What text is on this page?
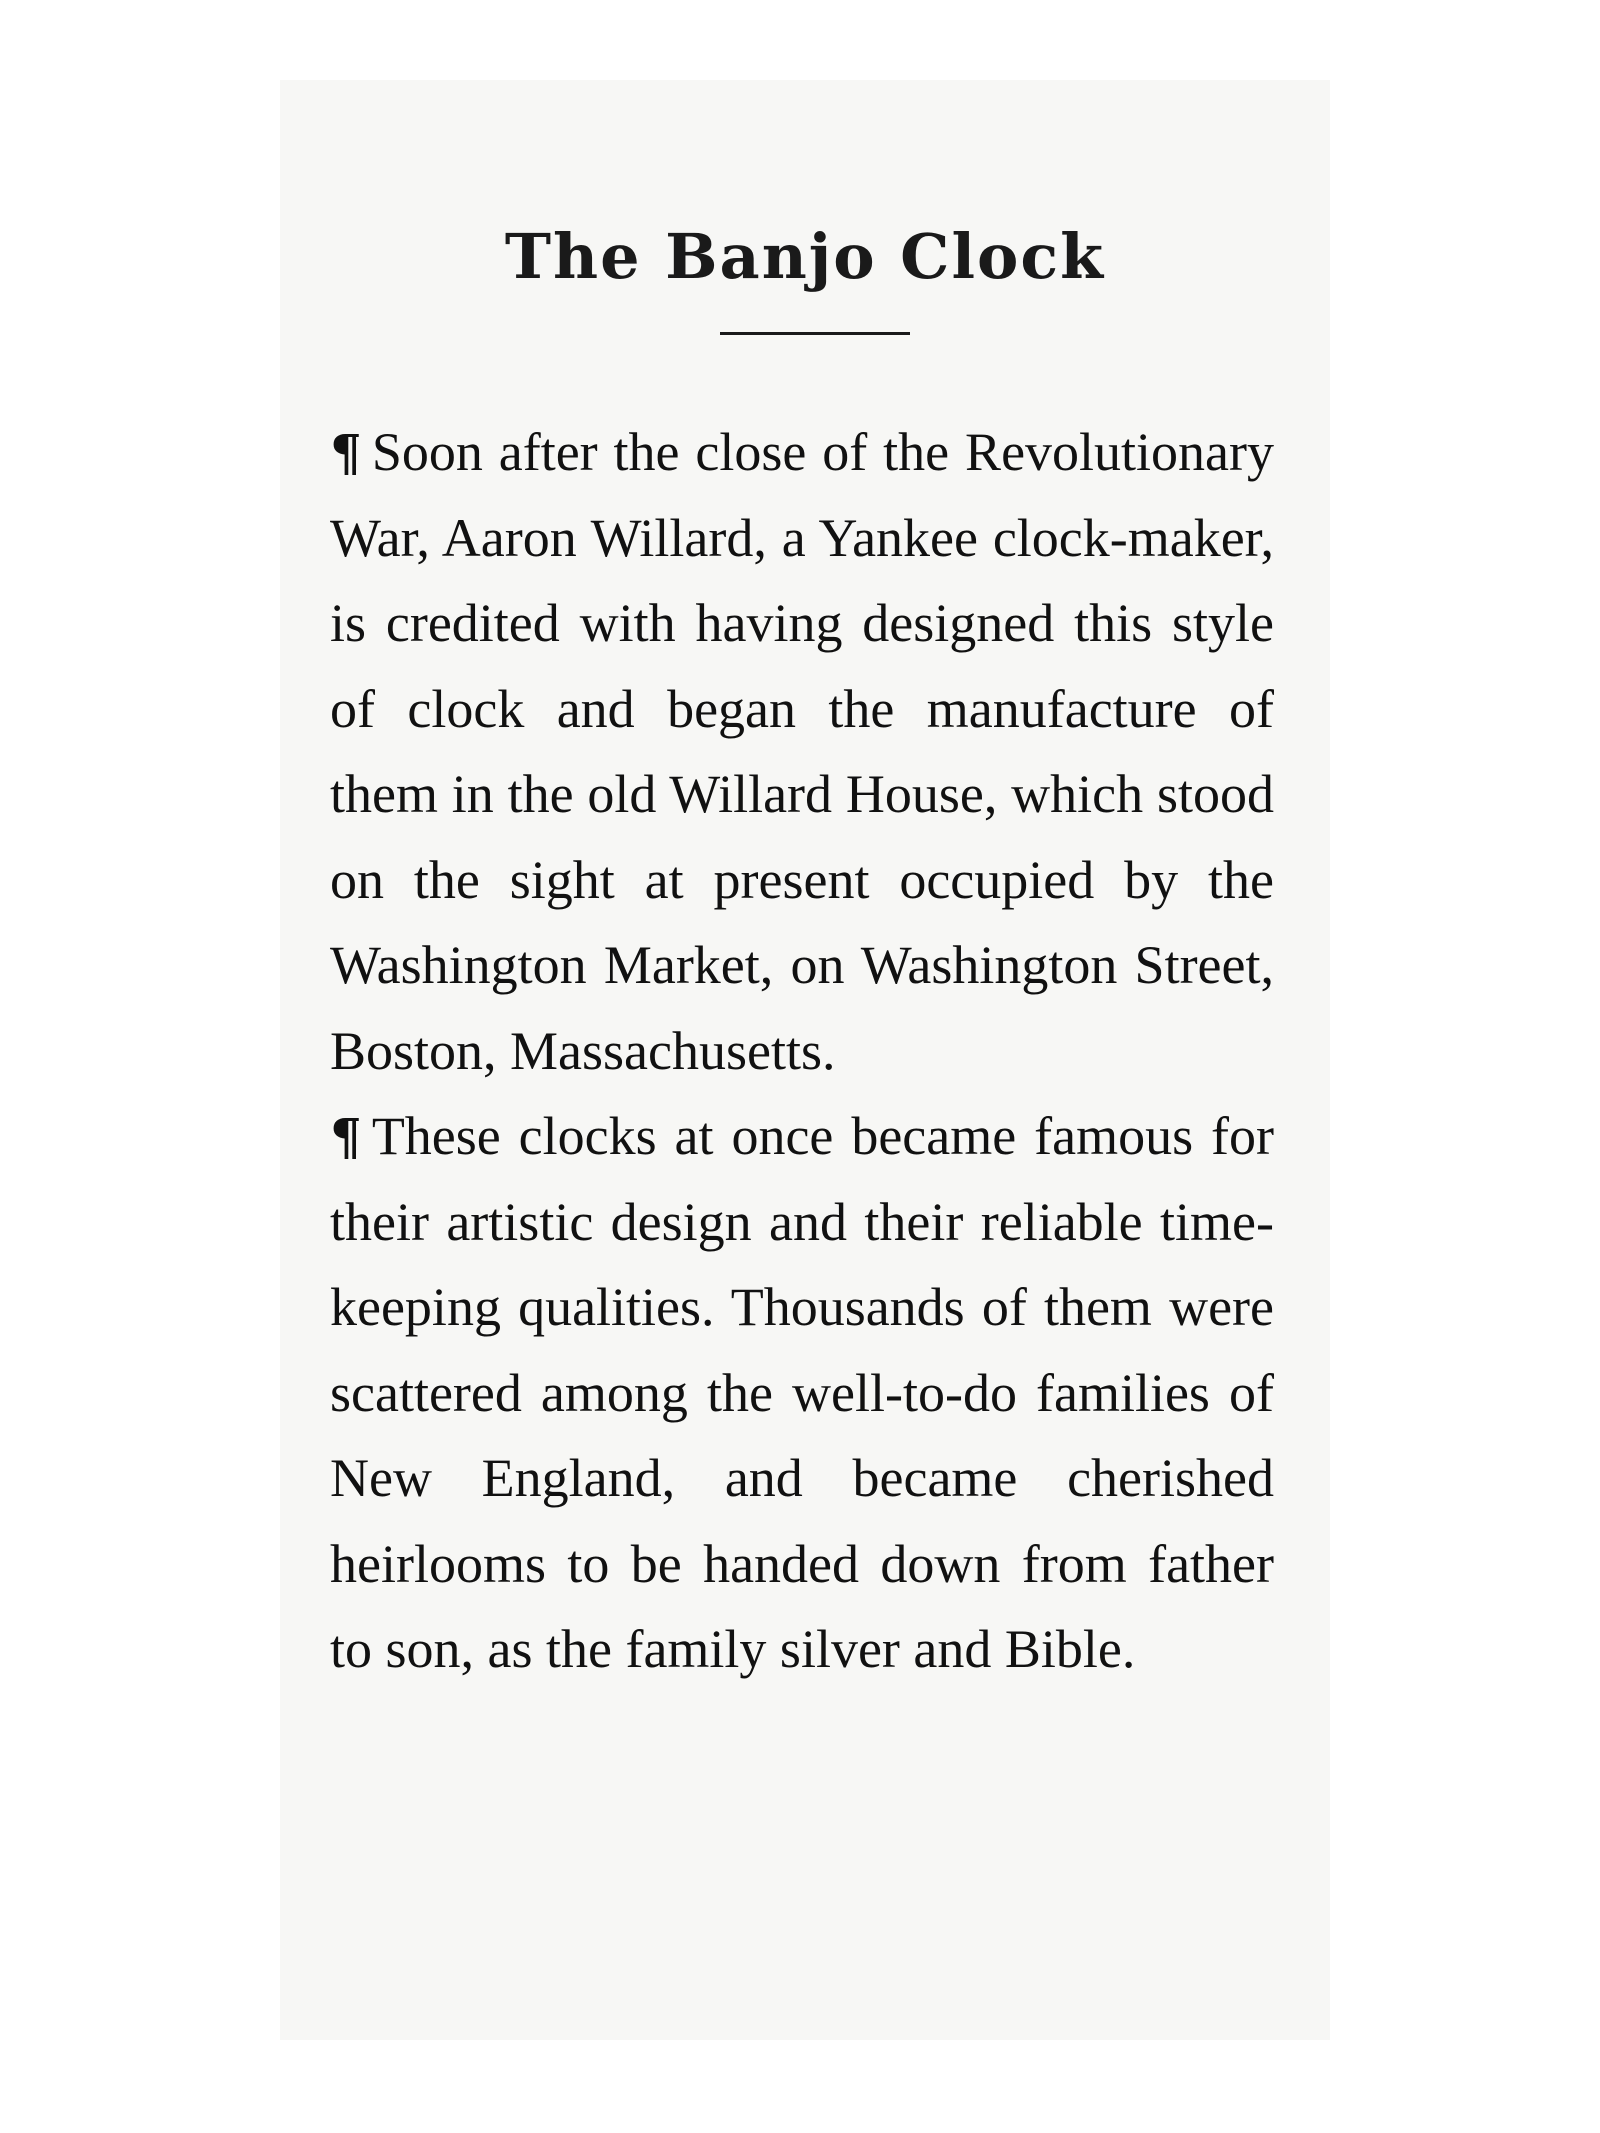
The Banjo Clock

¶ Soon after the close of the Revolutionary War, Aaron Willard, a Yankee clock-maker, is credited with having designed this style of clock and began the manufacture of them in the old Willard House, which stood on the sight at present occupied by the Washington Market, on Washington Street, Boston, Massachusetts.

¶ These clocks at once became famous for their artistic design and their reliable time-keeping qualities. Thousands of them were scattered among the well-to-do families of New England, and became cherished heirlooms to be handed down from father to son, as the family silver and Bible.
